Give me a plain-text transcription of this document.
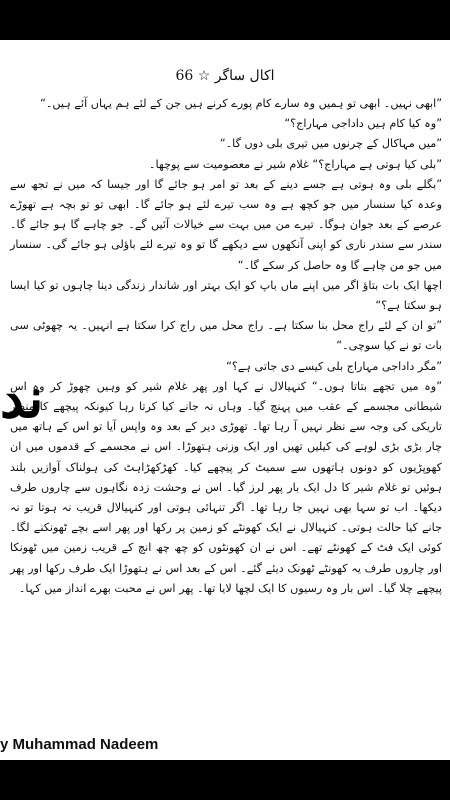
اکال ساگر ☆ 66

”ابھی نہیں۔ ابھی تو ہمیں وہ سارے کام پورے کرنے ہیں جن کے لئے ہم یہاں آئے ہیں۔“

”وہ کیا کام ہیں داداجی مہاراج؟“

”میں مہاکال کے چرنوں میں تیری بلی دوں گا۔“

”بلی کیا ہوتی ہے مہاراج؟“ غلام شیر نے معصومیت سے پوچھا۔

”بگلے بلی وہ ہوتی ہے جسے دینے کے بعد تو امر ہو جائے گا اور جیسا کہ میں نے تجھ سے وعدہ کیا سنسار میں جو کچھ ہے وہ سب تیرے لئے ہو جائے گا۔ ابھی تو تو بچہ ہے تھوڑے عرصے کے بعد جوان ہوگا۔ تیرے من میں بہت سے خیالات آئیں گے۔ جو چاہے گا ہو جائے گا۔ سندر سے سندر ناری کو اپنی آنکھوں سے دیکھے گا تو وہ تیرے لئے باؤلی ہو جائے گی۔ سنسار میں جو من چاہے گا وہ حاصل کر سکے گا۔“

اچھا ایک بات بتاؤ اگر میں اپنے ماں باپ کو ایک بہتر اور شاندار زندگی دینا چاہوں تو کیا ایسا ہو سکتا ہے؟“

”تو ان کے لئے راج محل بنا سکتا ہے۔ راج محل میں راج کرا سکتا ہے انہیں۔ یہ چھوٹی سی بات تو نے کیا سوچی۔“

”مگر داداجی مہاراج بلی کیسے دی جاتی ہے؟“

”وہ میں تجھے بتاتا ہوں۔“ کنہیالال نے کہا اور پھر غلام شیر کو وہیں چھوڑ کر وہ اس شیطانی مجسمے کے عقب میں پہنچ گیا۔ وہاں نہ جانے کیا کرتا رہا کیونکہ پیچھے کا منظر تاریکی کی وجہ سے نظر نہیں آ رہا تھا۔ تھوڑی دیر کے بعد وہ واپس آیا تو اس کے ہاتھ میں چار بڑی بڑی لوہے کی کیلیں تھیں اور ایک وزنی ہتھوڑا۔ اس نے مجسمے کے قدموں میں ان کھوپڑیوں کو دونوں ہاتھوں سے سمیٹ کر پیچھے کیا۔ کھڑکھڑاہٹ کی ہولناک آوازیں بلند ہوئیں تو غلام شیر کا دل ایک بار پھر لرز گیا۔ اس نے وحشت زدہ نگاہوں سے چاروں طرف دیکھا۔ اب تو سہا بھی نہیں جا رہا تھا۔ اگر تنہائی ہوتی اور کنہیالال قریب نہ ہوتا تو نہ جانے کیا حالت ہوتی۔ کنہیالال نے ایک کھونٹے کو زمین پر رکھا اور پھر اسے بچے ٹھونکنے لگا۔ کوئی ایک فٹ کے کھونٹے تھے۔ اس نے ان کھونٹوں کو چھ چھ انچ کے قریب زمین میں ٹھونکا اور چاروں طرف یہ کھونٹے ٹھونک دیئے گئے۔ اس کے بعد اس نے ہتھوڑا ایک طرف رکھا اور پھر پیچھے چلا گیا۔ اس بار وہ رسیوں کا ایک لچھا لایا تھا۔ پھر اس نے محبت بھرے انداز میں کہا۔

ند
y Muhammad Nadeem
